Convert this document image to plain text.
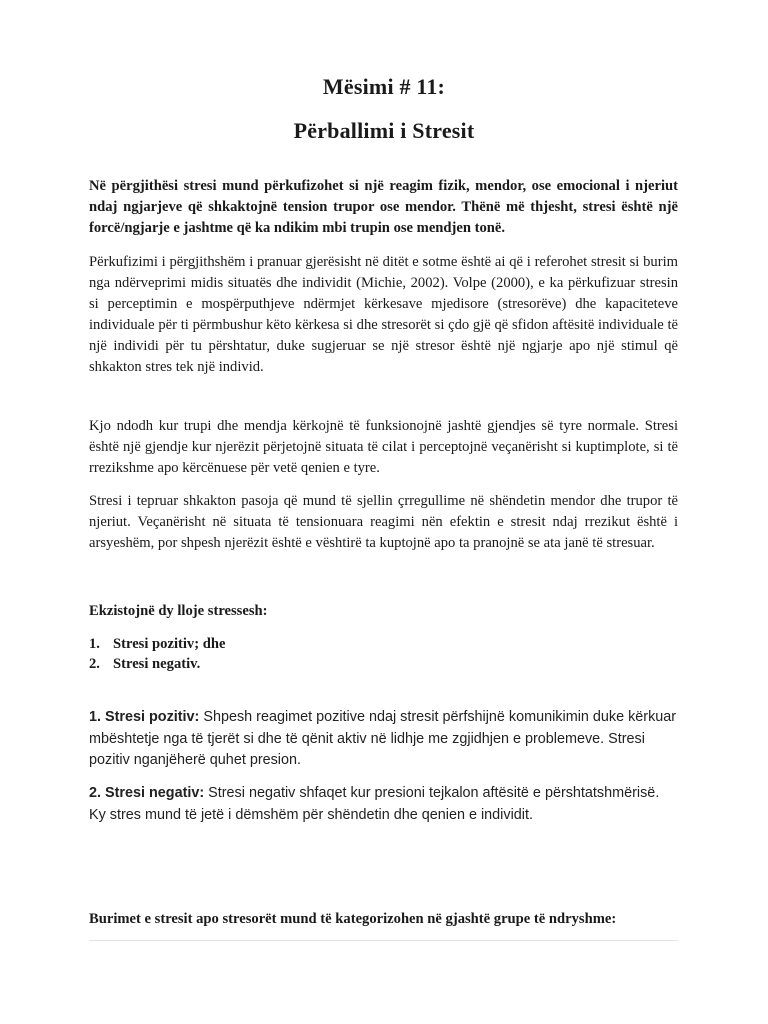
Mësimi # 11:
Përballimi i Stresit
Në përgjithësi stresi mund përkufizohet si një reagim fizik, mendor, ose emocional i njeriut ndaj ngjarjeve që shkaktojnë tension trupor ose mendor. Thënë më thjesht, stresi është një forcë/ngjarje e jashtme që ka ndikim mbi trupin ose mendjen tonë.
Përkufizimi i përgjithshëm i pranuar gjerësisht në ditët e sotme është ai që i referohet stresit si burim nga ndërveprimi midis situatës dhe individit (Michie, 2002). Volpe (2000), e ka përkufizuar stresin si perceptimin e mospërputhjeve ndërmjet kërkesave mjedisore (stresorëve) dhe kapaciteteve individuale për ti përmbushur këto kërkesa si dhe stresorët si çdo gjë që sfidon aftësitë individuale të një individi për tu përshtatur, duke sugjeruar se një stresor është një ngjarje apo një stimul që shkakton stres tek një individ.
Kjo ndodh kur trupi dhe mendja kërkojnë të funksionojnë jashtë gjendjes së tyre normale. Stresi është një gjendje kur njerëzit përjetojnë situata të cilat i perceptojnë veçanërisht si kuptimplote, si të rrezikshme apo kërcënuese për vetë qenien e tyre.
Stresi i tepruar shkakton pasoja që mund të sjellin çrregullime në shëndetin mendor dhe trupor të njeriut. Veçanërisht në situata të tensionuara reagimi nën efektin e stresit ndaj rrezikut është i arsyeshëm, por shpesh njerëzit është e vështirë ta kuptojnë apo ta pranojnë se ata janë të stresuar.
Ekzistojnë dy lloje stressesh:
1. Stresi pozitiv; dhe
2. Stresi negativ.
1. Stresi pozitiv: Shpesh reagimet pozitive ndaj stresit përfshijnë komunikimin duke kërkuar mbështetje nga të tjerët si dhe të qënit aktiv në lidhje me zgjidhjen e problemeve. Stresi pozitiv nganjëherë quhet presion.
2. Stresi negativ: Stresi negativ shfaqet kur presioni tejkalon aftësitë e përshtatshmërisë. Ky stres mund të jetë i dëmshëm për shëndetin dhe qenien e individit.
Burimet e stresit apo stresorët mund të kategorizohen në gjashtë grupe të ndryshme:
